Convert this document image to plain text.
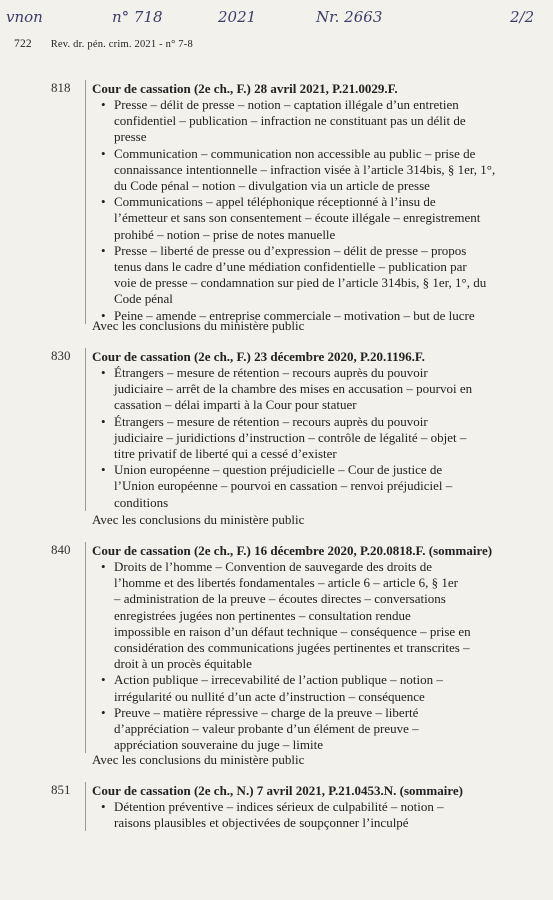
vnon	n° 718	2021	Nr. 2663	2/2
722 Rev. dr. pén. crim. 2021 - n° 7-8
818	Cour de cassation (2e ch., F.) 28 avril 2021, P.21.0029.F.
• Presse – délit de presse – notion – captation illégale d’un entretien
confidentiel – publication – infraction ne constituant pas un délit de
presse
• Communication – communication non accessible au public – prise de
connaissance intentionnelle – infraction visée à l’article 314bis, § 1er, 1°,
du Code pénal – notion – divulgation via un article de presse
• Communications – appel téléphonique réceptionné à l’insu de
l’émetteur et sans son consentement – écoute illégale – enregistrement
prohibé – notion – prise de notes manuelle
• Presse – liberté de presse ou d’expression – délit de presse – propos
tenus dans le cadre d’une médiation confidentielle – publication par
voie de presse – condamnation sur pied de l’article 314bis, § 1er, 1°, du
Code pénal
• Peine – amende – entreprise commerciale – motivation – but de lucre
Avec les conclusions du ministère public
830	Cour de cassation (2e ch., F.) 23 décembre 2020, P.20.1196.F.
• Étrangers – mesure de rétention – recours auprès du pouvoir
judiciaire – arrêt de la chambre des mises en accusation – pourvoi en
cassation – délai imparti à la Cour pour statuer
• Étrangers – mesure de rétention – recours auprès du pouvoir
judiciaire – juridictions d’instruction – contrôle de légalité – objet –
titre privatif de liberté qui a cessé d’exister
• Union européenne – question préjudicielle – Cour de justice de
l’Union européenne – pourvoi en cassation – renvoi préjudiciel –
conditions
Avec les conclusions du ministère public
840	Cour de cassation (2e ch., F.) 16 décembre 2020, P.20.0818.F. (sommaire)
• Droits de l’homme – Convention de sauvegarde des droits de
l’homme et des libertés fondamentales – article 6 – article 6, § 1er
– administration de la preuve – écoutes directes – conversations
enregistrées jugées non pertinentes – consultation rendue
impossible en raison d’un défaut technique – conséquence – prise en
considération des communications jugées pertinentes et transcrites –
droit à un procès équitable
• Action publique – irrecevabilité de l’action publique – notion –
irrégularité ou nullité d’un acte d’instruction – conséquence
• Preuve – matière répressive – charge de la preuve – liberté
d’appréciation – valeur probante d’un élément de preuve –
appréciation souveraine du juge – limite
Avec les conclusions du ministère public
851	Cour de cassation (2e ch., N.) 7 avril 2021, P.21.0453.N. (sommaire)
• Détention préventive – indices sérieux de culpabilité – notion –
raisons plausibles et objectivées de soupçonner l’inculpé
